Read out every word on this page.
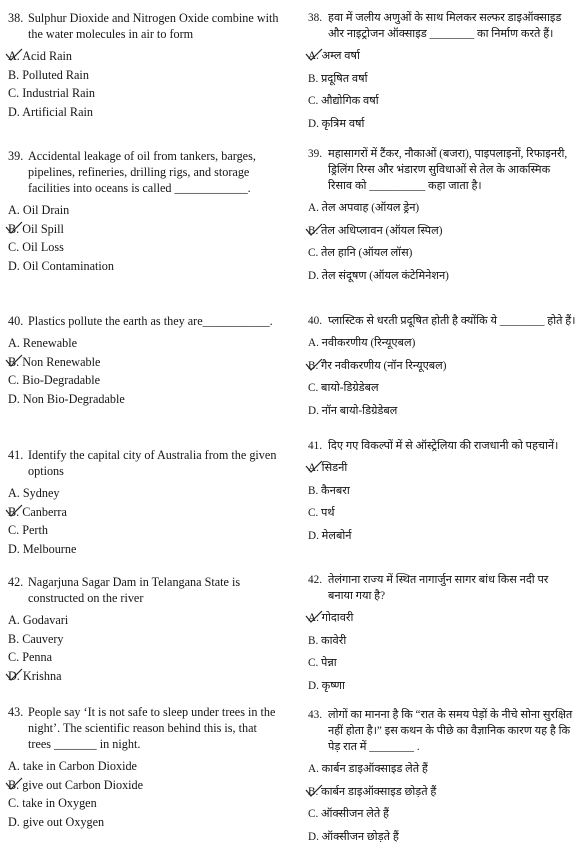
38. Sulphur Dioxide and Nitrogen Oxide combine with the water molecules in air to form
A. Acid Rain
B. Polluted Rain
C. Industrial Rain
D. Artificial Rain
39. Accidental leakage of oil from tankers, barges, pipelines, refineries, drilling rigs, and storage facilities into oceans is called ____________.
A. Oil Drain
B. Oil Spill
C. Oil Loss
D. Oil Contamination
40. Plastics pollute the earth as they are___________.
A. Renewable
B. Non Renewable
C. Bio-Degradable
D. Non Bio-Degradable
41. Identify the capital city of Australia from the given options
A. Sydney
B. Canberra
C. Perth
D. Melbourne
42. Nagarjuna Sagar Dam in Telangana State is constructed on the river
A. Godavari
B. Cauvery
C. Penna
D. Krishna
43. People say ‘It is not safe to sleep under trees in the night’. The scientific reason behind this is, that trees _______ in night.
A. take in Carbon Dioxide
B. give out Carbon Dioxide
C. take in Oxygen
D. give out Oxygen
38. हवा में जलीय अणुओं के साथ मिलकर सल्फर डाइऑक्साइड और नाइट्रोजन ऑक्साइड ________ का निर्माण करते हैं।
A. अम्ल वर्षा
B. प्रदूषित वर्षा
C. औद्योगिक वर्षा
D. कृत्रिम वर्षा
39. महासागरों में टैंकर, नौकाओं (बजरा), पाइपलाइनों, रिफाइनरी, ड्रिलिंग रिग्स और भंडारण सुविधाओं से तेल के आकस्मिक रिसाव को __________ कहा जाता है।
A. तेल अपवाह (ऑयल ड्रेन)
B. तेल अधिप्लावन (ऑयल स्पिल)
C. तेल हानि (ऑयल लॉस)
D. तेल संदूषण (ऑयल कंटेमिनेशन)
40. प्लास्टिक से धरती प्रदूषित होती है क्योंकि ये ________ होते हैं।
A. नवीकरणीय (रिन्यूएबल)
B. गैर नवीकरणीय (नॉन रिन्यूएबल)
C. बायो-डिग्रेडेबल
D. नॉन बायो-डिग्रेडेबल
41. दिए गए विकल्पों में से ऑस्ट्रेलिया की राजधानी को पहचानें।
A. सिडनी
B. कैनबरा
C. पर्थ
D. मेलबोर्न
42. तेलंगाना राज्य में स्थित नागार्जुन सागर बांध किस नदी पर बनाया गया है?
A. गोदावरी
B. कावेरी
C. पेन्ना
D. कृष्णा
43. लोगों का मानना है कि “रात के समय पेड़ों के नीचे सोना सुरक्षित नहीं होता है।” इस कथन के पीछे का वैज्ञानिक कारण यह है कि पेड़ रात में ________ .
A. कार्बन डाइऑक्साइड लेते हैं
B. कार्बन डाइऑक्साइड छोड़ते हैं
C. ऑक्सीजन लेते हैं
D. ऑक्सीजन छोड़ते हैं
